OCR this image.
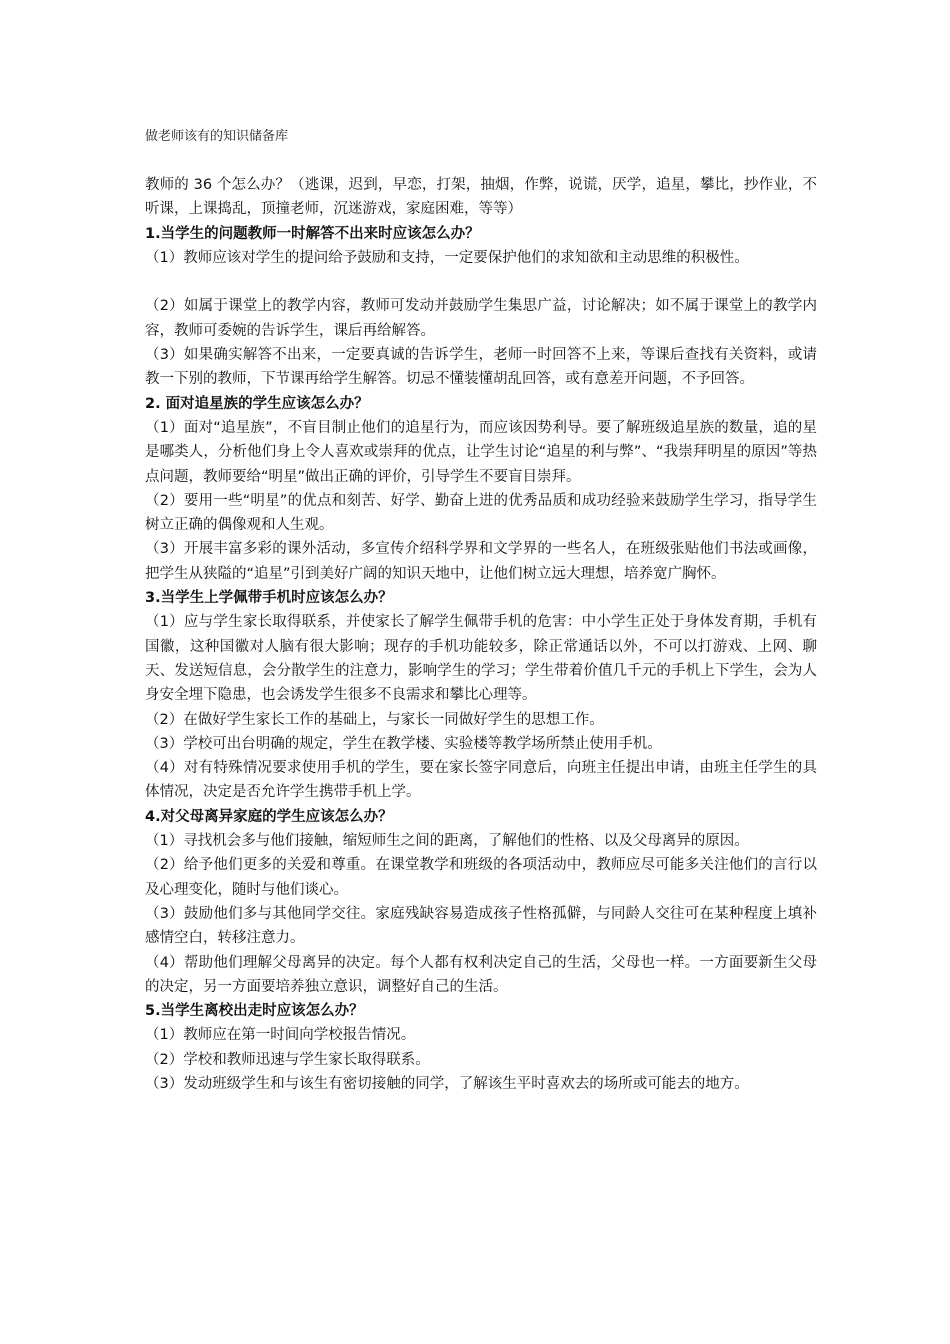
做老师该有的知识储备库

教师的 36 个怎么办？（逃课，迟到，早恋，打架，抽烟，作弊，说谎，厌学，追星，攀比，抄作业，不听课，上课捣乱，顶撞老师，沉迷游戏，家庭困难，等等）

1.当学生的问题教师一时解答不出来时应该怎么办？

（1）教师应该对学生的提问给予鼓励和支持，一定要保护他们的求知欲和主动思维的积极性。

（2）如属于课堂上的教学内容，教师可发动并鼓励学生集思广益，讨论解决；如不属于课堂上的教学内容，教师可委婉的告诉学生，课后再给解答。

（3）如果确实解答不出来，一定要真诚的告诉学生，老师一时回答不上来，等课后查找有关资料，或请教一下别的教师，下节课再给学生解答。切忌不懂装懂胡乱回答，或有意差开问题，不予回答。

2. 面对追星族的学生应该怎么办？

（1）面对“追星族”，不盲目制止他们的追星行为，而应该因势利导。要了解班级追星族的数量，追的星是哪类人，分析他们身上令人喜欢或崇拜的优点，让学生讨论“追星的利与弊”、“我崇拜明星的原因”等热点问题，教师要给“明星”做出正确的评价，引导学生不要盲目崇拜。

（2）要用一些“明星”的优点和刻苦、好学、勤奋上进的优秀品质和成功经验来鼓励学生学习，指导学生树立正确的偶像观和人生观。

（3）开展丰富多彩的课外活动，多宣传介绍科学界和文学界的一些名人，在班级张贴他们书法或画像，把学生从狭隘的“追星”引到美好广阔的知识天地中，让他们树立远大理想，培养宽广胸怀。

3.当学生上学佩带手机时应该怎么办？

（1）应与学生家长取得联系，并使家长了解学生佩带手机的危害：中小学生正处于身体发育期，手机有国徽，这种国徽对人脑有很大影响；现存的手机功能较多，除正常通话以外，不可以打游戏、上网、聊天、发送短信息，会分散学生的注意力，影响学生的学习；学生带着价值几千元的手机上下学生，会为人身安全埋下隐患，也会诱发学生很多不良需求和攀比心理等。

（2）在做好学生家长工作的基础上，与家长一同做好学生的思想工作。

（3）学校可出台明确的规定，学生在教学楼、实验楼等教学场所禁止使用手机。

（4）对有特殊情况要求使用手机的学生，要在家长签字同意后，向班主任提出申请，由班主任学生的具体情况，决定是否允许学生携带手机上学。

4.对父母离异家庭的学生应该怎么办？

（1）寻找机会多与他们接触，缩短师生之间的距离，了解他们的性格、以及父母离异的原因。

（2）给予他们更多的关爱和尊重。在课堂教学和班级的各项活动中，教师应尽可能多关注他们的言行以及心理变化，随时与他们谈心。

（3）鼓励他们多与其他同学交往。家庭残缺容易造成孩子性格孤僻，与同龄人交往可在某种程度上填补感情空白，转移注意力。

（4）帮助他们理解父母离异的决定。每个人都有权利决定自己的生活，父母也一样。一方面要新生父母的决定，另一方面要培养独立意识，调整好自己的生活。

5.当学生离校出走时应该怎么办？

（1）教师应在第一时间向学校报告情况。

（2）学校和教师迅速与学生家长取得联系。

（3）发动班级学生和与该生有密切接触的同学，了解该生平时喜欢去的场所或可能去的地方。
